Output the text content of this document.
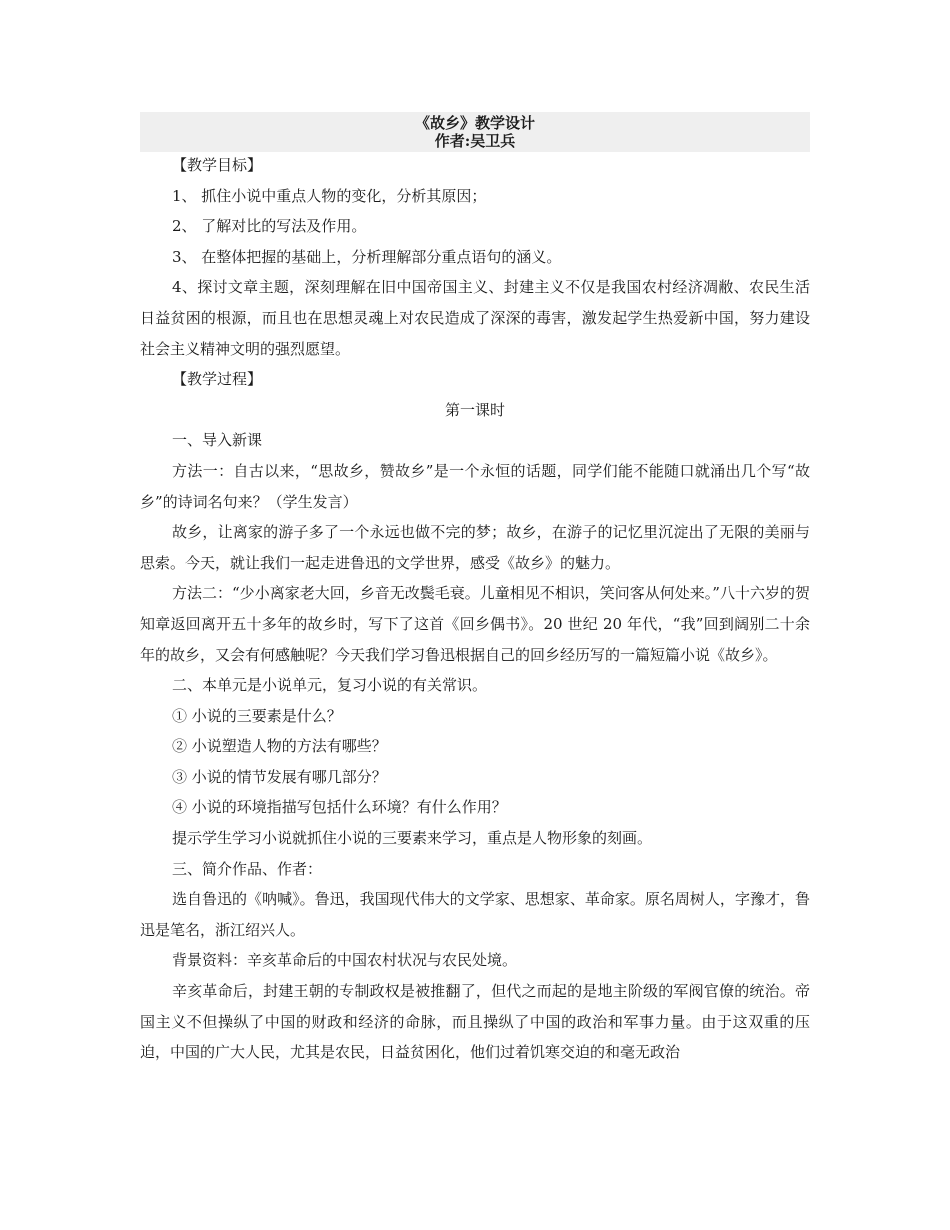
《故乡》教学设计
作者:吴卫兵

【教学目标】

1、 抓住小说中重点人物的变化，分析其原因；

2、 了解对比的写法及作用。

3、 在整体把握的基础上，分析理解部分重点语句的涵义。

4、探讨文章主题，深刻理解在旧中国帝国主义、封建主义不仅是我国农村经济凋敝、农民生活日益贫困的根源，而且也在思想灵魂上对农民造成了深深的毒害，激发起学生热爱新中国，努力建设社会主义精神文明的强烈愿望。

【教学过程】

第一课时

一、导入新课

方法一：自古以来，“思故乡，赞故乡”是一个永恒的话题，同学们能不能随口就涌出几个写“故乡”的诗词名句来？（学生发言）

故乡，让离家的游子多了一个永远也做不完的梦；故乡，在游子的记忆里沉淀出了无限的美丽与思索。今天，就让我们一起走进鲁迅的文学世界，感受《故乡》的魅力。

方法二：“少小离家老大回，乡音无改鬓毛衰。儿童相见不相识，笑问客从何处来。”八十六岁的贺知章返回离开五十多年的故乡时，写下了这首《回乡偶书》。20 世纪 20 年代，“我”回到阔别二十余年的故乡，又会有何感触呢？今天我们学习鲁迅根据自己的回乡经历写的一篇短篇小说《故乡》。

二、本单元是小说单元，复习小说的有关常识。

① 小说的三要素是什么？

② 小说塑造人物的方法有哪些？

③ 小说的情节发展有哪几部分？

④ 小说的环境指描写包括什么环境？有什么作用？

提示学生学习小说就抓住小说的三要素来学习，重点是人物形象的刻画。

三、简介作品、作者：

选自鲁迅的《呐喊》。鲁迅，我国现代伟大的文学家、思想家、革命家。原名周树人，字豫才，鲁迅是笔名，浙江绍兴人。

背景资料：辛亥革命后的中国农村状况与农民处境。

辛亥革命后，封建王朝的专制政权是被推翻了，但代之而起的是地主阶级的军阀官僚的统治。帝国主义不但操纵了中国的财政和经济的命脉，而且操纵了中国的政治和军事力量。由于这双重的压迫，中国的广大人民，尤其是农民，日益贫困化，他们过着饥寒交迫的和毫无政治
